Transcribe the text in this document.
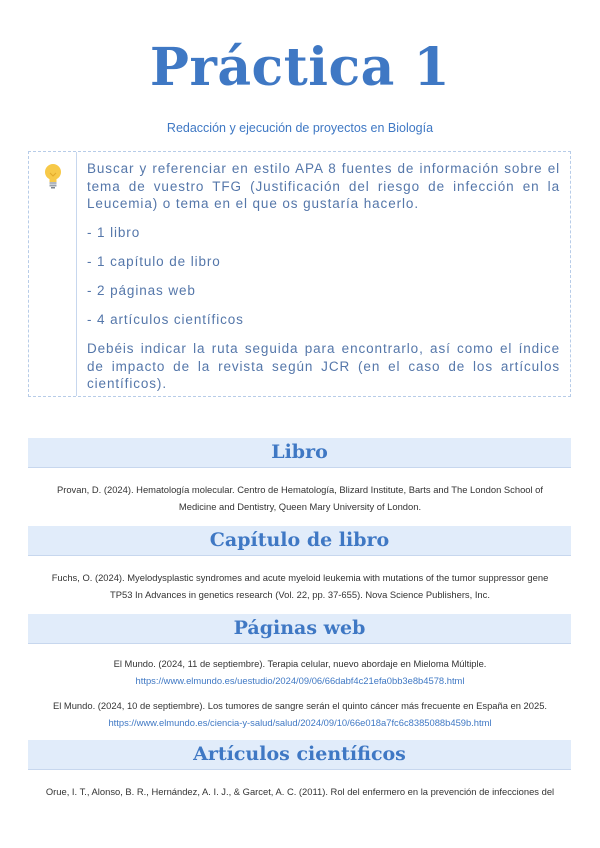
Práctica 1
Redacción y ejecución de proyectos en Biología

Buscar y referenciar en estilo APA 8 fuentes de información sobre el tema de vuestro TFG (Justificación del riesgo de infección en la Leucemia) o tema en el que os gustaría hacerlo.

- 1 libro

- 1 capítulo de libro

- 2 páginas web

- 4 artículos científicos

Debéis indicar la ruta seguida para encontrarlo, así como el índice de impacto de la revista según JCR (en el caso de los artículos científicos).

Libro
Provan, D. (2024). Hematología molecular. Centro de Hematología, Blizard Institute, Barts and The London School of Medicine and Dentistry, Queen Mary University of London.
Capítulo de libro
Fuchs, O. (2024). Myelodysplastic syndromes and acute myeloid leukemia with mutations of the tumor suppressor gene TP53 In Advances in genetics research (Vol. 22, pp. 37-655). Nova Science Publishers, Inc.
Páginas web
El Mundo. (2024, 11 de septiembre). Terapia celular, nuevo abordaje en Mieloma Múltiple.
https://www.elmundo.es/uestudio/2024/09/06/66dabf4c21efa0bb3e8b4578.html
El Mundo. (2024, 10 de septiembre). Los tumores de sangre serán el quinto cáncer más frecuente en España en 2025.
https://www.elmundo.es/ciencia-y-salud/salud/2024/09/10/66e018a7fc6c8385088b459b.html
Artículos científicos
Orue, I. T., Alonso, B. R., Hernández, A. I. J., & Garcet, A. C. (2011). Rol del enfermero en la prevención de infecciones del
